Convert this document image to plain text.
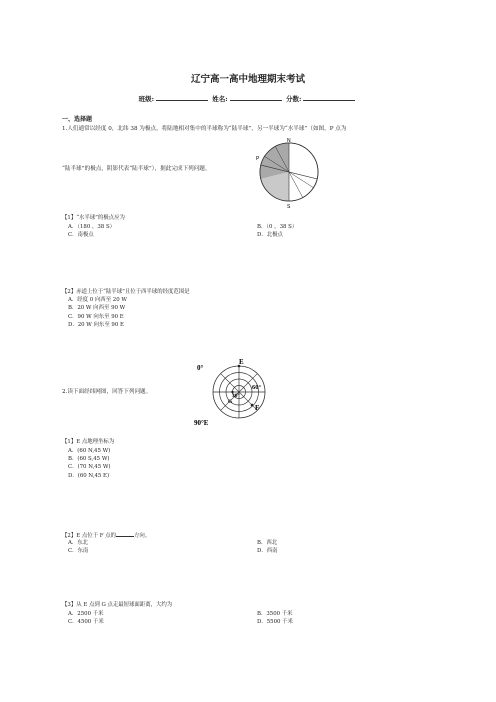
辽宁高一高中地理期末考试
班级:	姓名:	分数:
一、选择题
1.人们通常以经度 0，北纬 38 为极点，将陆地相对集中的半球称为“陆半球”，另一半球为“水半球”（如图，P 点为
N
P
S
“陆半球”的极点，阴影代表“陆半球”），据此完成下列问题。
【1】“水半球”的极点应为
A．（180 ，38 S）	B．（0 ，38 S）
C．南极点	D．北极点
【2】赤道上位于“陆半球”且位于西半球的经度范围是
A．经度 0 向西至 20 W
B．20 W 向西至 90 W
C．90 W 向东至 90 E
D．20 W 向东至 90 E
0°
E
60°
30°
G
F
90°E
2.读下面经纬网图，回答下列问题。
【1】E 点地理坐标为
A．(60 N,45 W)
B．(60 S,45 W)
C．(70 N,45 W)
D．(60 N,45 E)
【2】E 点位于 F 点的	方向。
A．东北	B．西北
C．东南	D．西南
【3】从 E 点到 G 点走最短球面距离，大约为
A．2500 千米	B．3500 千米
C．4500 千米	D．5500 千米
